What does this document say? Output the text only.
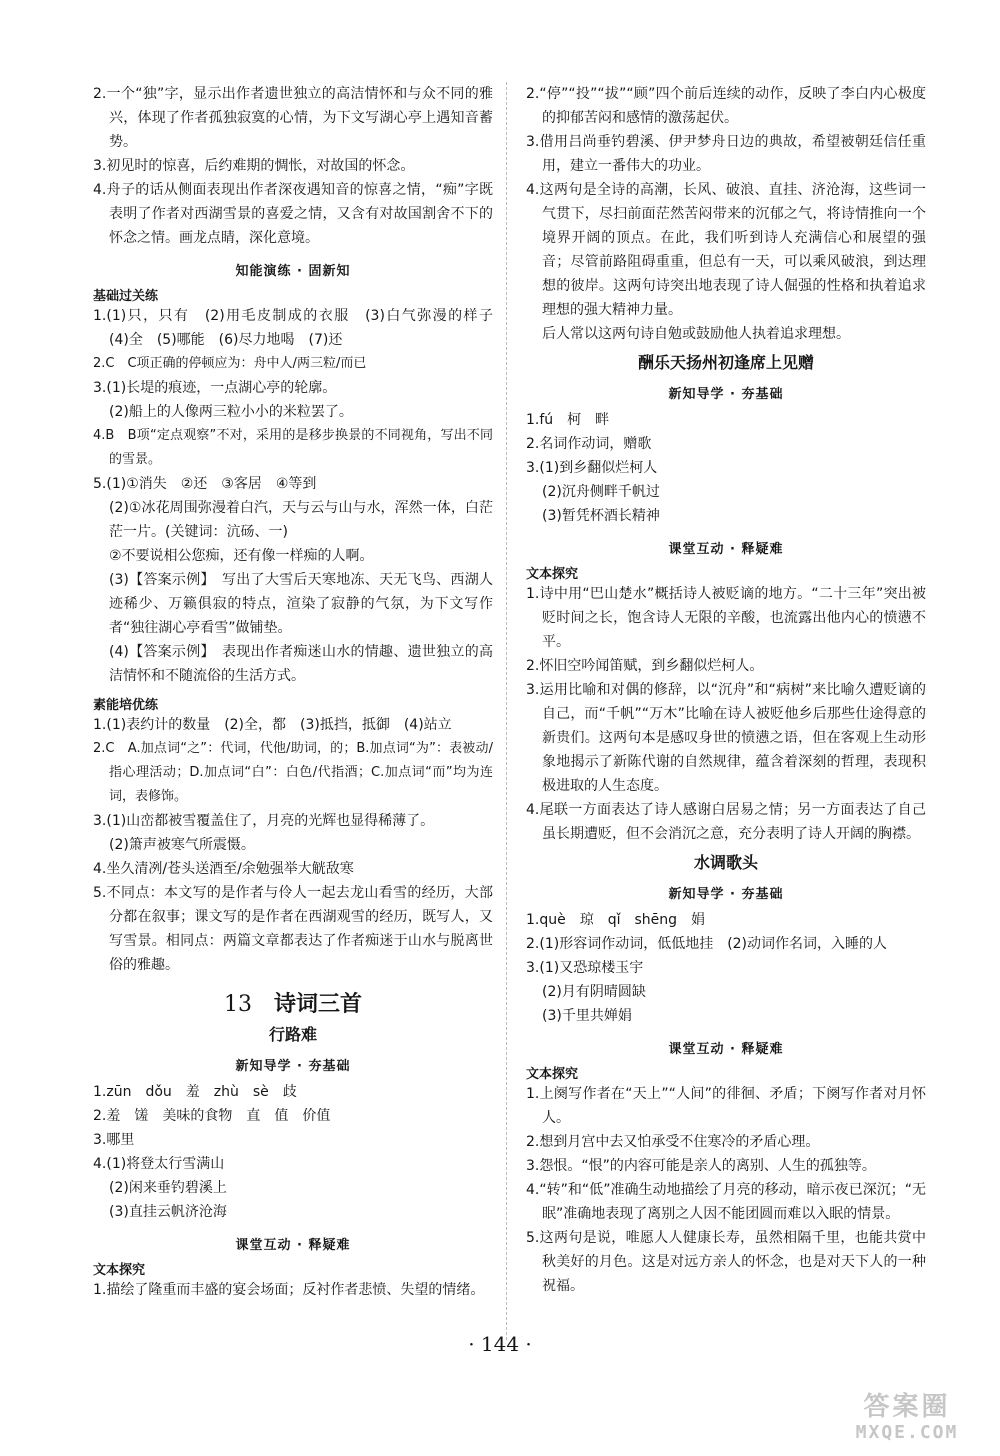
2.一个“独”字，显示出作者遗世独立的高洁情怀和与众不同的雅兴，体现了作者孤独寂寞的心情，为下文写湖心亭上遇知音蓄势。
3.初见时的惊喜，后约难期的惆怅，对故国的怀念。
4.舟子的话从侧面表现出作者深夜遇知音的惊喜之情，“痴”字既表明了作者对西湖雪景的喜爱之情，又含有对故国割舍不下的怀念之情。画龙点睛，深化意境。
知能演练 · 固新知
基础过关练
1.(1)只，只有　(2)用毛皮制成的衣服　(3)白气弥漫的样子　(4)全　(5)哪能　(6)尽力地喝　(7)还
2.C　C项正确的停顿应为：舟中人/两三粒/而已
3.(1)长堤的痕迹，一点湖心亭的轮廓。
(2)船上的人像两三粒小小的米粒罢了。
4.B　B项“定点观察”不对，采用的是移步换景的不同视角，写出不同的雪景。
5.(1)①消失　②还　③客居　④等到
(2)①冰花周围弥漫着白汽，天与云与山与水，浑然一体，白茫茫一片。(关键词：沆砀、一)
②不要说相公您痴，还有像一样痴的人啊。
(3)【答案示例】　写出了大雪后天寒地冻、天无飞鸟、西湖人迹稀少、万籁俱寂的特点，渲染了寂静的气氛，为下文写作者“独往湖心亭看雪”做铺垫。
(4)【答案示例】　表现出作者痴迷山水的情趣、遗世独立的高洁情怀和不随流俗的生活方式。
素能培优练
1.(1)表约计的数量　(2)全，都　(3)抵挡，抵御　(4)站立
2.C　A.加点词“之”：代词，代他/助词，的；B.加点词“为”：表被动/指心理活动；D.加点词“白”：白色/代指酒；C.加点词“而”均为连词，表修饰。
3.(1)山峦都被雪覆盖住了，月亮的光辉也显得稀薄了。
(2)箫声被寒气所震慑。
4.坐久清冽/苍头送酒至/余勉强举大觥敌寒
5.不同点：本文写的是作者与伶人一起去龙山看雪的经历，大部分都在叙事；课文写的是作者在西湖观雪的经历，既写人，又写雪景。相同点：两篇文章都表达了作者痴迷于山水与脱离世俗的雅趣。
13 诗词三首
行路难
新知导学 · 夯基础
1.zūn　dǒu　羞　zhù　sè　歧
2.羞　馐　美味的食物　直　值　价值
3.哪里
4.(1)将登太行雪满山
(2)闲来垂钓碧溪上
(3)直挂云帆济沧海
课堂互动 · 释疑难
文本探究
1.描绘了隆重而丰盛的宴会场面；反衬作者悲愤、失望的情绪。
2.“停”“投”“拔”“顾”四个前后连续的动作，反映了李白内心极度的抑郁苦闷和感情的激荡起伏。
3.借用吕尚垂钓碧溪、伊尹梦舟日边的典故，希望被朝廷信任重用，建立一番伟大的功业。
4.这两句是全诗的高潮，长风、破浪、直挂、济沧海，这些词一气贯下，尽扫前面茫然苦闷带来的沉郁之气，将诗情推向一个境界开阔的顶点。在此，我们听到诗人充满信心和展望的强音；尽管前路阻碍重重，但总有一天，可以乘风破浪，到达理想的彼岸。这两句诗突出地表现了诗人倔强的性格和执着追求理想的强大精神力量。
后人常以这两句诗自勉或鼓励他人执着追求理想。
酬乐天扬州初逢席上见赠
新知导学 · 夯基础
1.fú　柯　畔
2.名词作动词，赠歌
3.(1)到乡翻似烂柯人
(2)沉舟侧畔千帆过
(3)暂凭杯酒长精神
课堂互动 · 释疑难
文本探究
1.诗中用“巴山楚水”概括诗人被贬谪的地方。“二十三年”突出被贬时间之长，饱含诗人无限的辛酸，也流露出他内心的愤懑不平。
2.怀旧空吟闻笛赋，到乡翻似烂柯人。
3.运用比喻和对偶的修辞，以“沉舟”和“病树”来比喻久遭贬谪的自己，而“千帆”“万木”比喻在诗人被贬他乡后那些仕途得意的新贵们。这两句本是感叹身世的愤懑之语，但在客观上生动形象地揭示了新陈代谢的自然规律，蕴含着深刻的哲理，表现积极进取的人生态度。
4.尾联一方面表达了诗人感谢白居易之情；另一方面表达了自己虽长期遭贬，但不会消沉之意，充分表明了诗人开阔的胸襟。
水调歌头
新知导学 · 夯基础
1.què　琼　qǐ　shēng　娟
2.(1)形容词作动词，低低地挂　(2)动词作名词，入睡的人
3.(1)又恐琼楼玉宇
(2)月有阴晴圆缺
(3)千里共婵娟
课堂互动 · 释疑难
文本探究
1.上阕写作者在“天上”“人间”的徘徊、矛盾；下阕写作者对月怀人。
2.想到月宫中去又怕承受不住寒冷的矛盾心理。
3.怨恨。“恨”的内容可能是亲人的离别、人生的孤独等。
4.“转”和“低”准确生动地描绘了月亮的移动，暗示夜已深沉；“无眠”准确地表现了离别之人因不能团圆而难以入眠的情景。
5.这两句是说，唯愿人人健康长寿，虽然相隔千里，也能共赏中秋美好的月色。这是对远方亲人的怀念，也是对天下人的一种祝福。
· 144 ·
答案圈
MXQE.COM
